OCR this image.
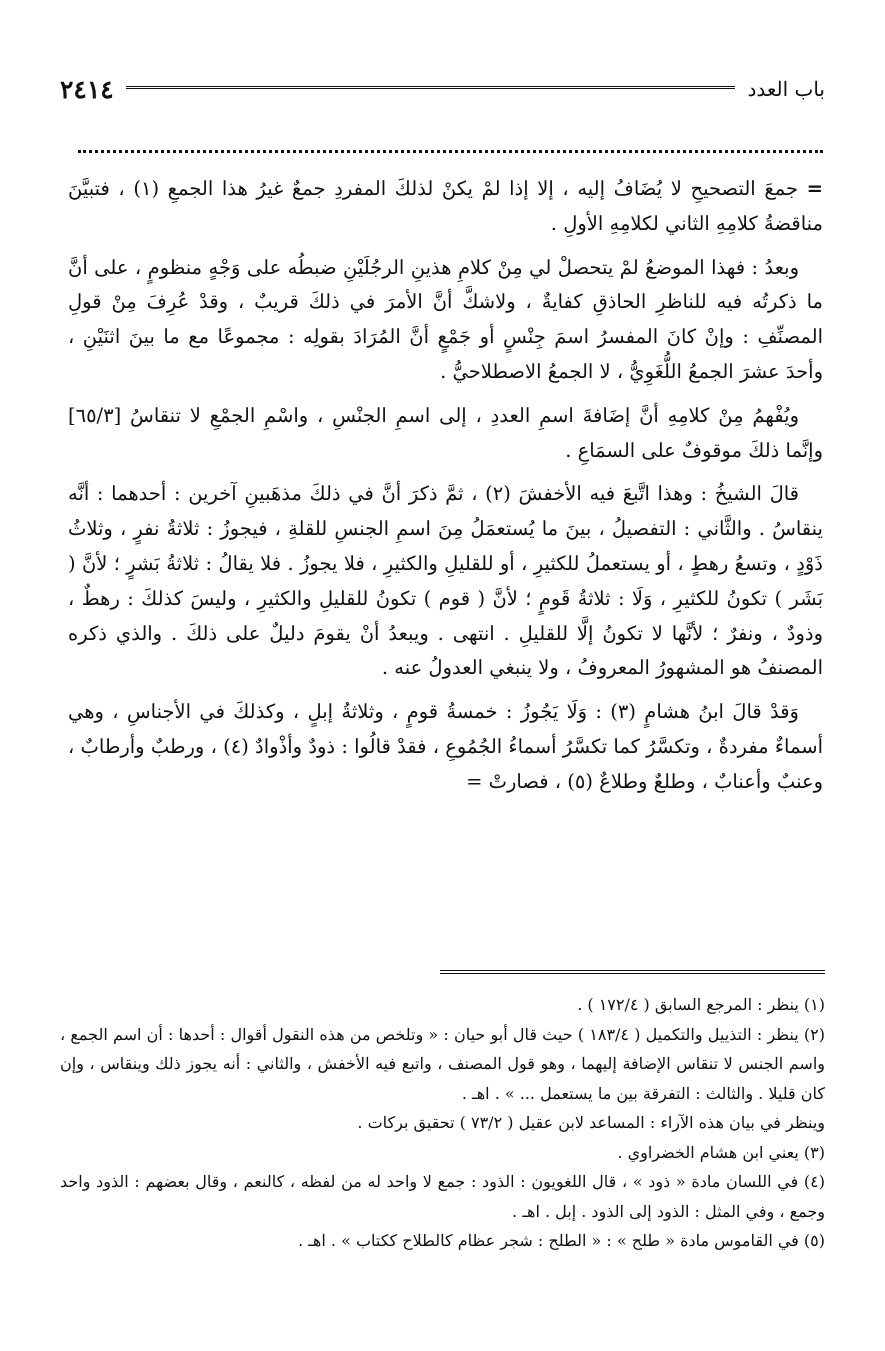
٢٤١٤	باب العدد

= جمعَ التصحيحِ لا يُضَافُ إليه ، إلا إذا لمْ يكنْ لذلكَ المفردِ جمعٌ غيرُ هذا الجمعِ (١) ، فتبيَّنَ مناقضةُ كلامِهِ الثاني لكلامِهِ الأولِ .

وبعدُ : فهذا الموضعُ لمْ يتحصلْ لي مِنْ كلامِ هذينِ الرجُلَيْنِ ضبطُه على وَجْهٍ منظومٍ ، على أنَّ ما ذكرتُه فيه للناظرِ الحاذقِ كفايةٌ ، ولاشكَّ أنَّ الأمرَ في ذلكَ قريبٌ ، وقدْ عُرِفَ مِنْ قولِ المصنِّفِ : وإنْ كانَ المفسرُ اسمَ جِنْسٍ أو جَمْعٍ أنَّ المُرَادَ بقولِه : مجموعًا مع ما بينَ اثنَيْنِ ، وأحدَ عشرَ الجمعُ اللُّغَوِيُّ ، لا الجمعُ الاصطلاحيُّ .

ويُفْهمُ مِنْ كلامِهِ أنَّ إضَافةَ اسمِ العددِ ، إلى اسمِ الجنْسِ ، واسْمِ الجمْعِ لا تنقاسُ [٦٥/٣] وإنَّما ذلكَ موقوفٌ على السمَاعِ .

قالَ الشيخُ : وهذا اتَّبعَ فيه الأخفشَ (٢) ، ثمَّ ذكرَ أنَّ في ذلكَ مذهَبينِ آخرين : أحدهما : أنَّه ينقاسُ . والثَّاني : التفصيلُ ، بينَ ما يُستعمَلُ مِنَ اسمِ الجنسِ للقلةِ ، فيجوزُ : ثلاثةُ نفرٍ ، وثلاثُ ذَوْدٍ ، وتسعُ رهطٍ ، أو يستعملُ للكثيرِ ، أو للقليلِ والكثيرِ ، فلا يجوزُ . فلا يقالُ : ثلاثةُ بَشرٍ ؛ لأنَّ ( بَشَر ) تكونُ للكثيرِ ، وَلَا : ثلاثةُ قَومٍ ؛ لأنَّ ( قوم ) تكونُ للقليلِ والكثيرِ ، وليسَ كذلكَ : رهطٌ ، وذودٌ ، ونفرٌ ؛ لأنَّها لا تكونُ إلَّا للقليلِ . انتهى . ويبعدُ أنْ يقومَ دليلٌ على ذلكَ . والذي ذكره المصنفُ هو المشهورُ المعروفُ ، ولا ينبغي العدولُ عنه .

وَقدْ قالَ ابنُ هشامٍ (٣) : وَلَا يَجُوزُ : خمسةُ قومٍ ، وثلاثةُ إبلٍ ، وكذلكَ في الأجناسِ ، وهي أسماءٌ مفردةٌ ، وتكسَّرُ كما تكسَّرُ أسماءُ الجُمُوعِ ، فقدْ قالُوا : ذودٌ وأذْوادٌ (٤) ، ورطبٌ وأرطابٌ ، وعنبٌ وأعنابٌ ، وطلعٌ وطلاعٌ (٥) ، فصارتْ =

(١) ينظر : المرجع السابق ( ١٧٢/٤ ) .

(٢) ينظر : التذييل والتكميل ( ١٨٣/٤ ) حيث قال أبو حيان : « وتلخص من هذه النقول أقوال : أحدها : أن اسم الجمع ، واسم الجنس لا تنقاس الإضافة إليهما ، وهو قول المصنف ، واتبع فيه الأخفش ، والثاني : أنه يجوز ذلك وينقاس ، وإن كان قليلا . والثالث : التفرقة بين ما يستعمل ... » . اهـ .

وينظر في بيان هذه الآراء : المساعد لابن عقيل ( ٧٣/٢ ) تحقيق بركات .

(٣) يعني ابن هشام الخضراوي .

(٤) في اللسان مادة « ذود » ، قال اللغويون : الذود : جمع لا واحد له من لفظه ، كالنعم ، وقال بعضهم : الذود واحد وجمع ، وفي المثل : الذود إلى الذود . إبل . اهـ .

(٥) في القاموس مادة « طلح » : « الطلح : شجر عظام كالطلاح ككتاب » . اهـ .
